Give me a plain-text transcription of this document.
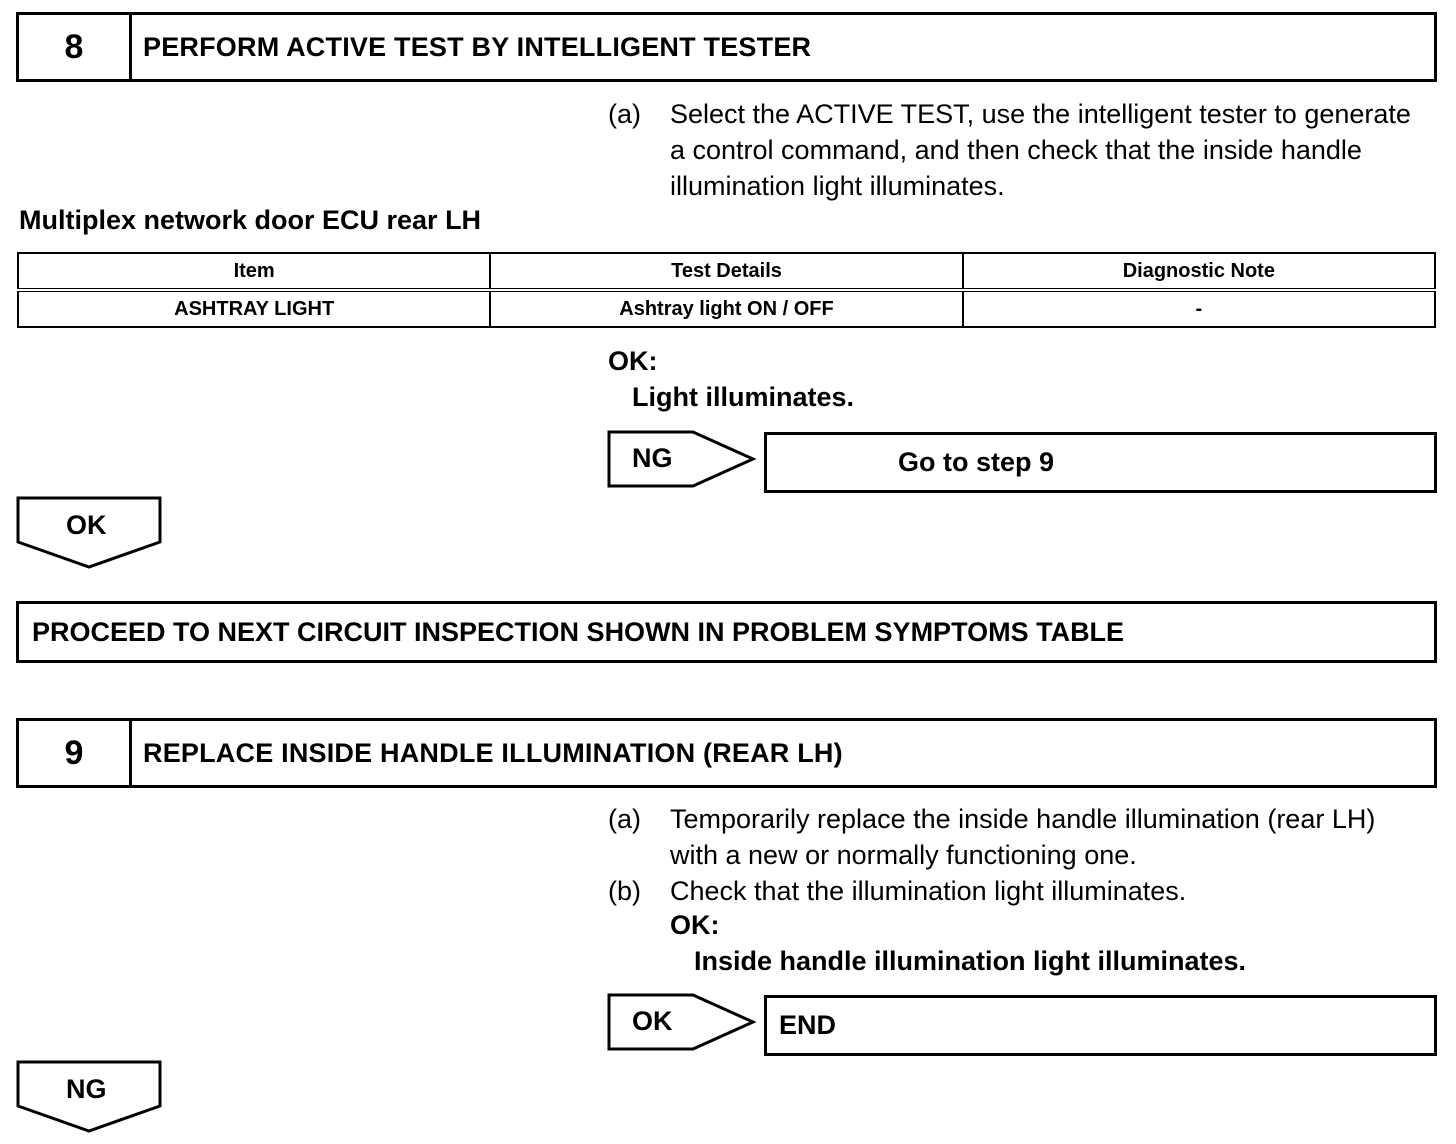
8	PERFORM ACTIVE TEST BY INTELLIGENT TESTER
(a) Select the ACTIVE TEST, use the intelligent tester to generate a control command, and then check that the inside handle illumination light illuminates.
Multiplex network door ECU rear LH
Item	Test Details	Diagnostic Note
ASHTRAY LIGHT	Ashtray light ON / OFF	-
OK:
Light illuminates.
NG	Go to step 9
OK
PROCEED TO NEXT CIRCUIT INSPECTION SHOWN IN PROBLEM SYMPTOMS TABLE
9	REPLACE INSIDE HANDLE ILLUMINATION (REAR LH)
(a) Temporarily replace the inside handle illumination (rear LH) with a new or normally functioning one.
(b) Check that the illumination light illuminates.
OK:
Inside handle illumination light illuminates.
OK	END
NG
